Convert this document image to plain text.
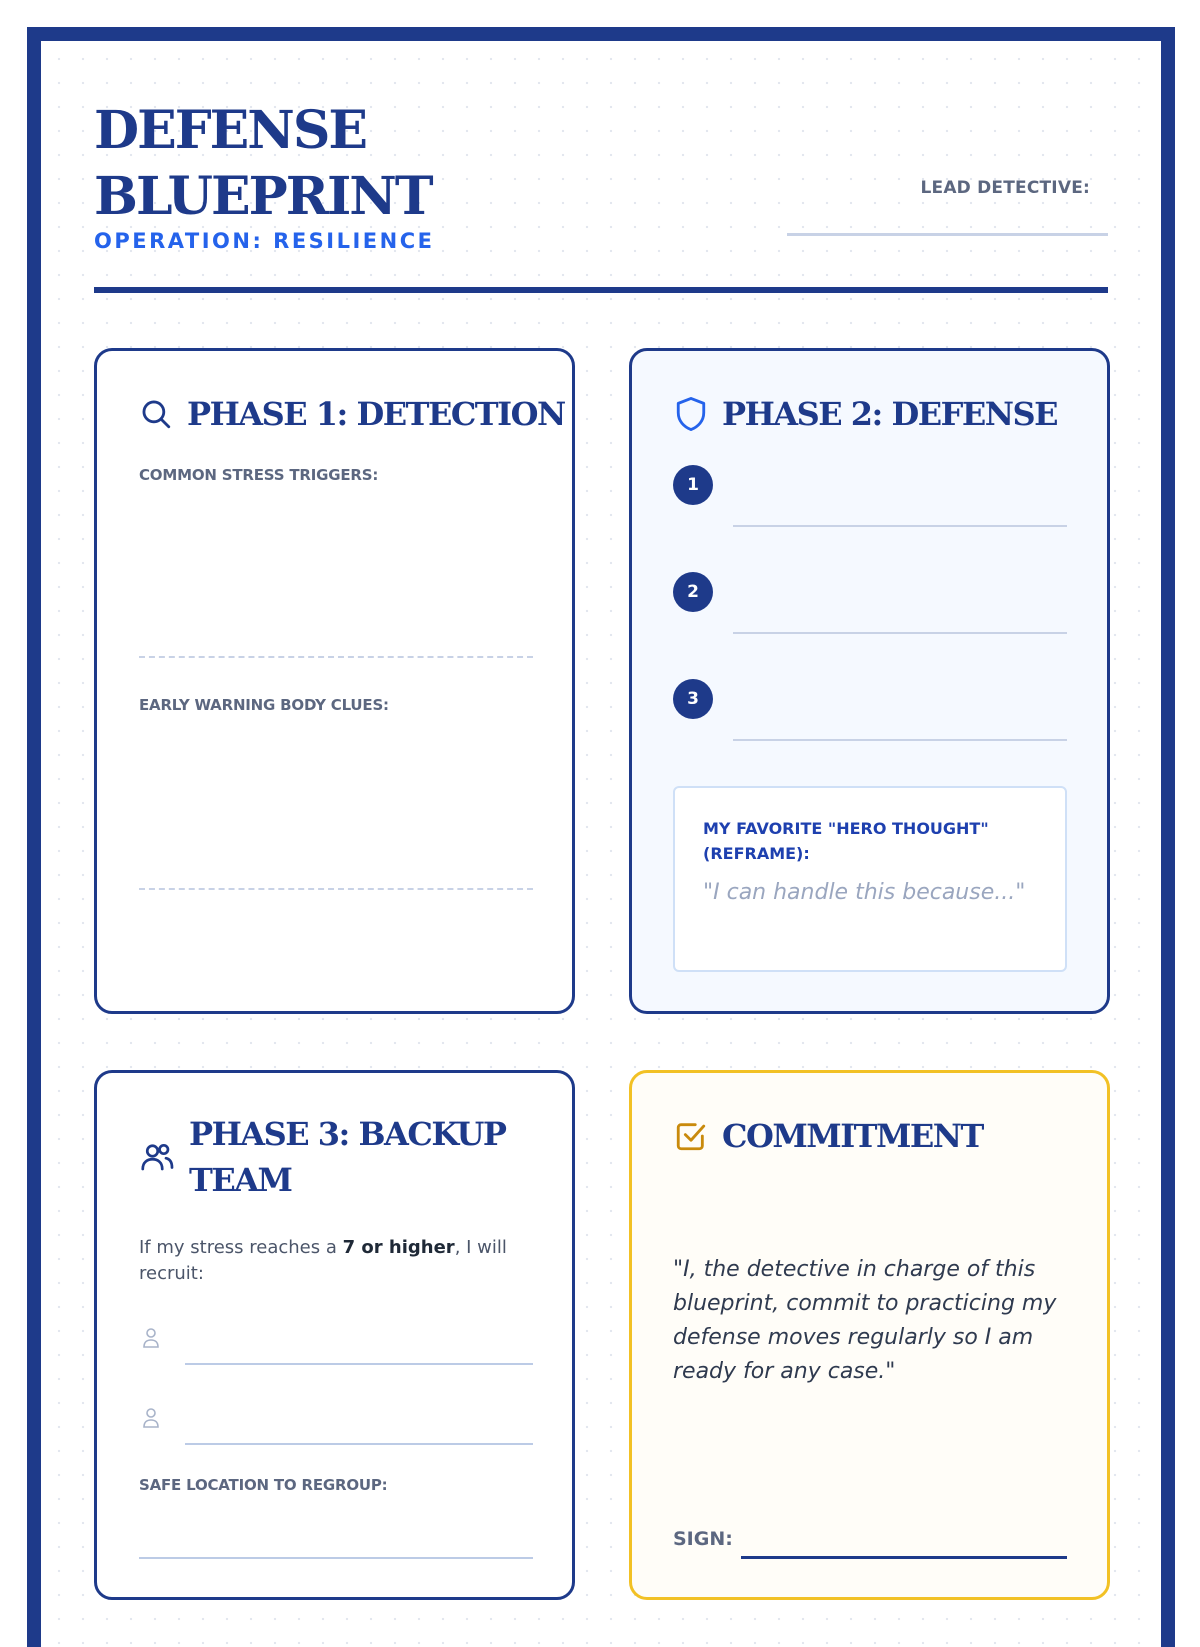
DEFENSE
BLUEPRINT
OPERATION: RESILIENCE
LEAD DETECTIVE:
PHASE 1: DETECTION
COMMON STRESS TRIGGERS:
EARLY WARNING BODY CLUES:
PHASE 2: DEFENSE
1
2
3
MY FAVORITE "HERO THOUGHT" (REFRAME):
"I can handle this because..."
PHASE 3: BACKUP
TEAM
If my stress reaches a 7 or higher, I will recruit:
SAFE LOCATION TO REGROUP:
COMMITMENT
"I, the detective in charge of this blueprint, commit to practicing my defense moves regularly so I am ready for any case."
SIGN:
